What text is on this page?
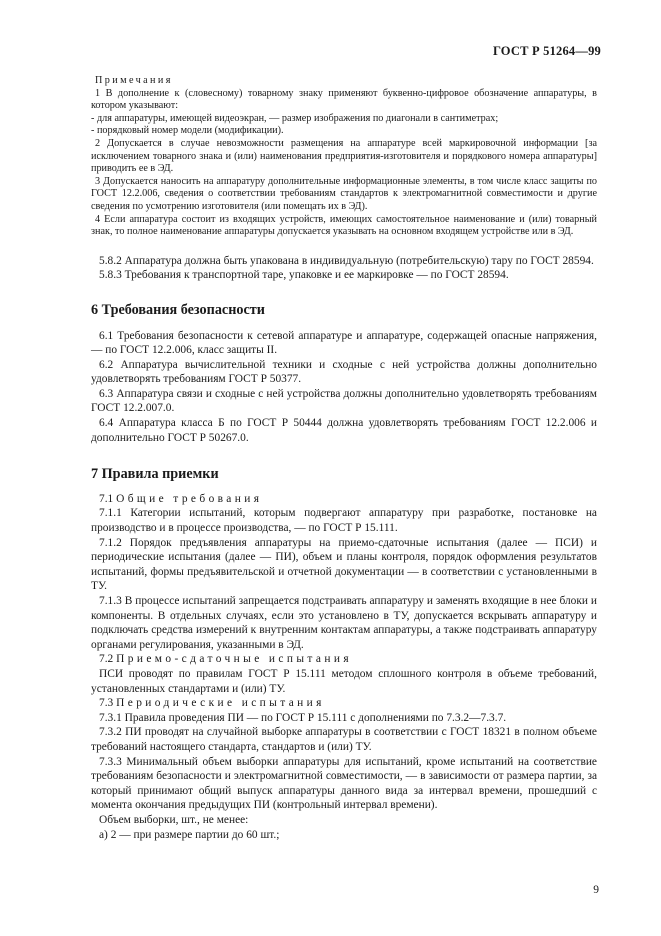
ГОСТ Р 51264—99

Примечания

1 В дополнение к (словесному) товарному знаку применяют буквенно-цифровое обозначение аппаратуры, в котором указывают:

- для аппаратуры, имеющей видеоэкран, — размер изображения по диагонали в сантиметрах;

- порядковый номер модели (модификации).

2 Допускается в случае невозможности размещения на аппаратуре всей маркировочной информации [за исключением товарного знака и (или) наименования предприятия-изготовителя и порядкового номера аппаратуры] приводить ее в ЭД.

3 Допускается наносить на аппаратуру дополнительные информационные элементы, в том числе класс защиты по ГОСТ 12.2.006, сведения о соответствии требованиям стандартов к электромагнитной совместимости и другие сведения по усмотрению изготовителя (или помещать их в ЭД).

4 Если аппаратура состоит из входящих устройств, имеющих самостоятельное наименование и (или) товарный знак, то полное наименование аппаратуры допускается указывать на основном входящем устройстве или в ЭД.

5.8.2 Аппаратура должна быть упакована в индивидуальную (потребительскую) тару по ГОСТ 28594.

5.8.3 Требования к транспортной таре, упаковке и ее маркировке — по ГОСТ 28594.

6 Требования безопасности

6.1 Требования безопасности к сетевой аппаратуре и аппаратуре, содержащей опасные напряжения, — по ГОСТ 12.2.006, класс защиты II.

6.2 Аппаратура вычислительной техники и сходные с ней устройства должны дополнительно удовлетворять требованиям ГОСТ Р 50377.

6.3 Аппаратура связи и сходные с ней устройства должны дополнительно удовлетворять требованиям ГОСТ 12.2.007.0.

6.4 Аппаратура класса Б по ГОСТ Р 50444 должна удовлетворять требованиям ГОСТ 12.2.006 и дополнительно ГОСТ Р 50267.0.

7 Правила приемки

7.1 Общие требования

7.1.1 Категории испытаний, которым подвергают аппаратуру при разработке, постановке на производство и в процессе производства, — по ГОСТ Р 15.111.

7.1.2 Порядок предъявления аппаратуры на приемо-сдаточные испытания (далее — ПСИ) и периодические испытания (далее — ПИ), объем и планы контроля, порядок оформления результатов испытаний, формы предъявительской и отчетной документации — в соответствии с установленными в ТУ.

7.1.3 В процессе испытаний запрещается подстраивать аппаратуру и заменять входящие в нее блоки и компоненты. В отдельных случаях, если это установлено в ТУ, допускается вскрывать аппаратуру и подключать средства измерений к внутренним контактам аппаратуры, а также подстраивать аппаратуру органами регулирования, указанными в ЭД.

7.2 Приемо-сдаточные испытания

ПСИ проводят по правилам ГОСТ Р 15.111 методом сплошного контроля в объеме требований, установленных стандартами и (или) ТУ.

7.3 Периодические испытания

7.3.1 Правила проведения ПИ — по ГОСТ Р 15.111 с дополнениями по 7.3.2—7.3.7.

7.3.2 ПИ проводят на случайной выборке аппаратуры в соответствии с ГОСТ 18321 в полном объеме требований настоящего стандарта, стандартов и (или) ТУ.

7.3.3 Минимальный объем выборки аппаратуры для испытаний, кроме испытаний на соответствие требованиям безопасности и электромагнитной совместимости, — в зависимости от размера партии, за который принимают общий выпуск аппаратуры данного вида за интервал времени, прошедший с момента окончания предыдущих ПИ (контрольный интервал времени).

Объем выборки, шт., не менее:

а) 2 — при размере партии до 60 шт.;

9
